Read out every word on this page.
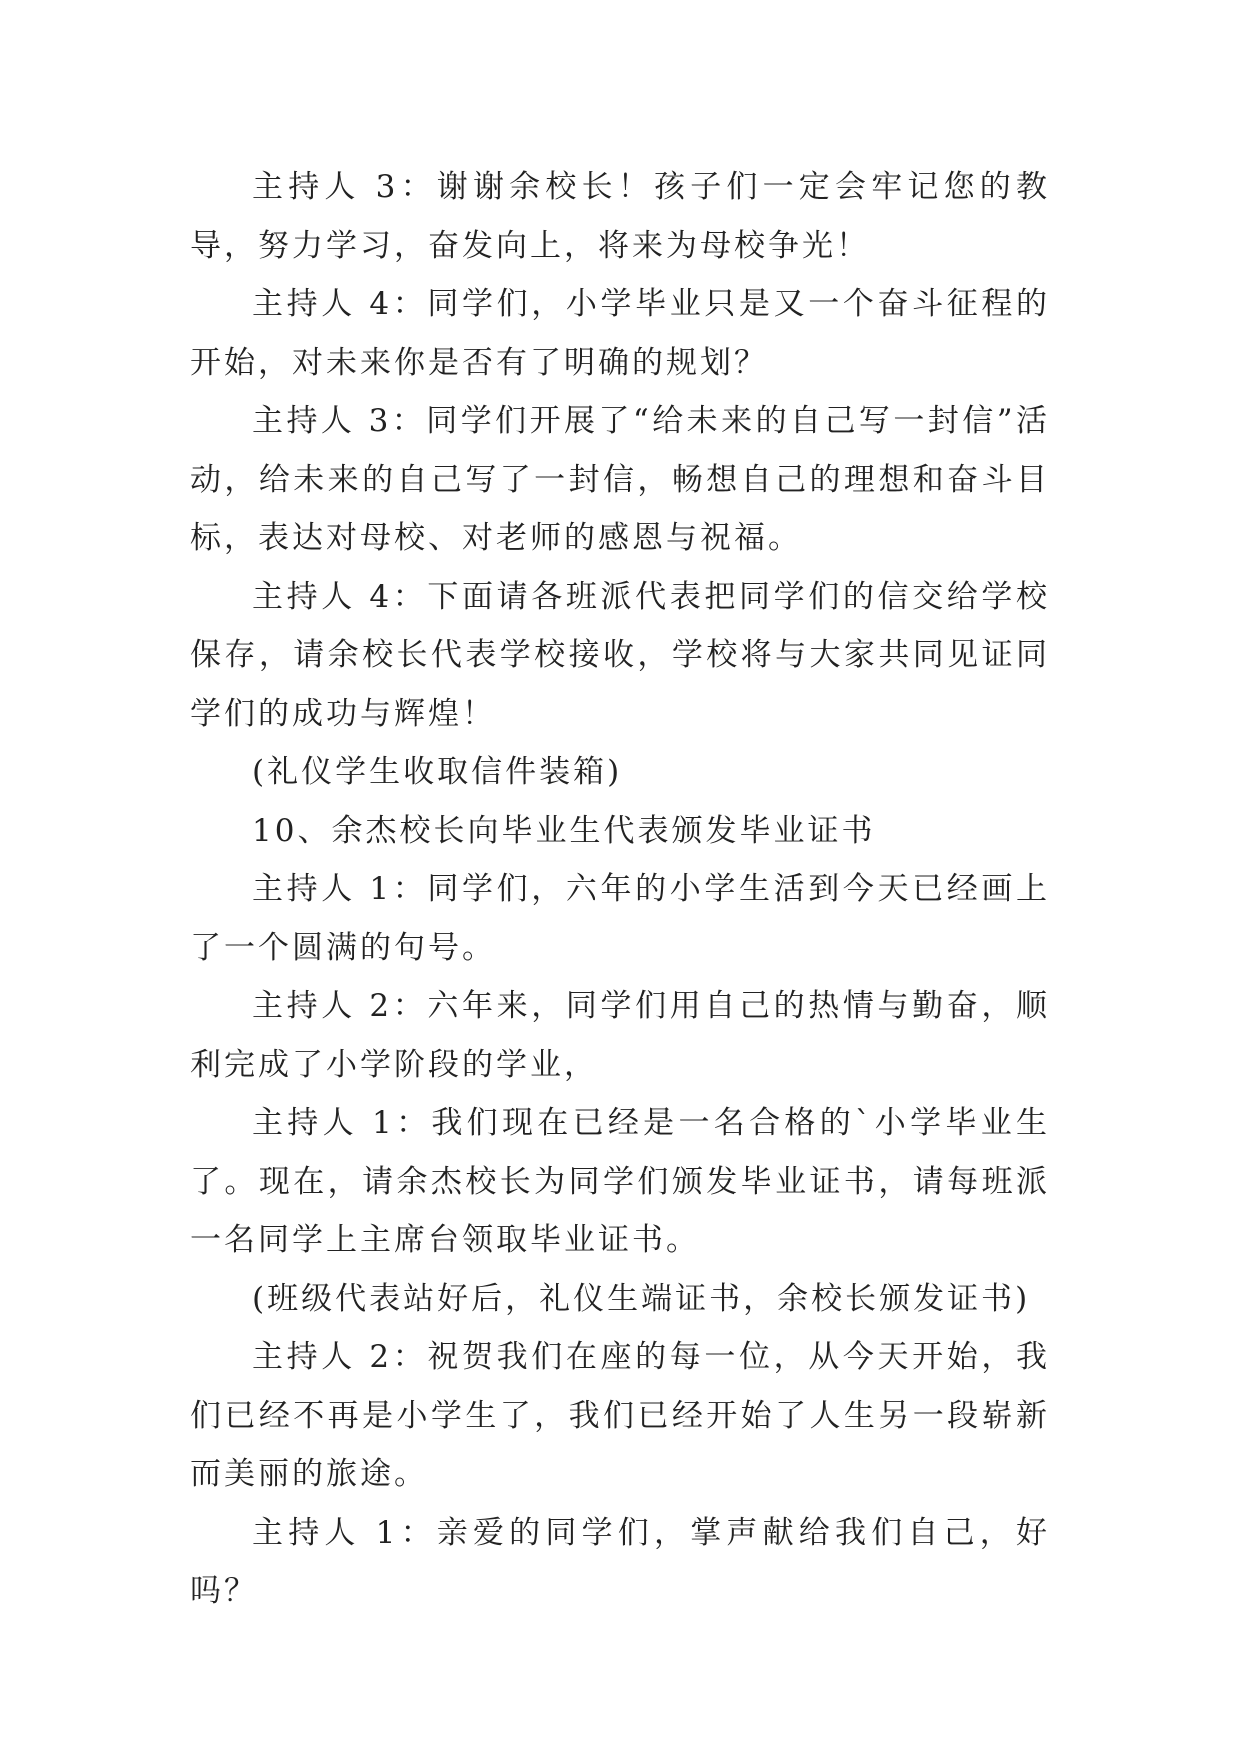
主持人 3：谢谢余校长！孩子们一定会牢记您的教导，努力学习，奋发向上，将来为母校争光！

主持人 4：同学们，小学毕业只是又一个奋斗征程的开始，对未来你是否有了明确的规划？

主持人 3：同学们开展了“给未来的自己写一封信”活动，给未来的自己写了一封信，畅想自己的理想和奋斗目标，表达对母校、对老师的感恩与祝福。

主持人 4：下面请各班派代表把同学们的信交给学校保存，请余校长代表学校接收，学校将与大家共同见证同学们的成功与辉煌！

(礼仪学生收取信件装箱)

10、余杰校长向毕业生代表颁发毕业证书

主持人 1：同学们，六年的小学生活到今天已经画上了一个圆满的句号。

主持人 2：六年来，同学们用自己的热情与勤奋，顺利完成了小学阶段的学业，

主持人 1：我们现在已经是一名合格的`小学毕业生了。现在，请余杰校长为同学们颁发毕业证书，请每班派一名同学上主席台领取毕业证书。

(班级代表站好后，礼仪生端证书，余校长颁发证书)

主持人 2：祝贺我们在座的每一位，从今天开始，我们已经不再是小学生了，我们已经开始了人生另一段崭新而美丽的旅途。

主持人 1：亲爱的同学们，掌声献给我们自己，好吗？
